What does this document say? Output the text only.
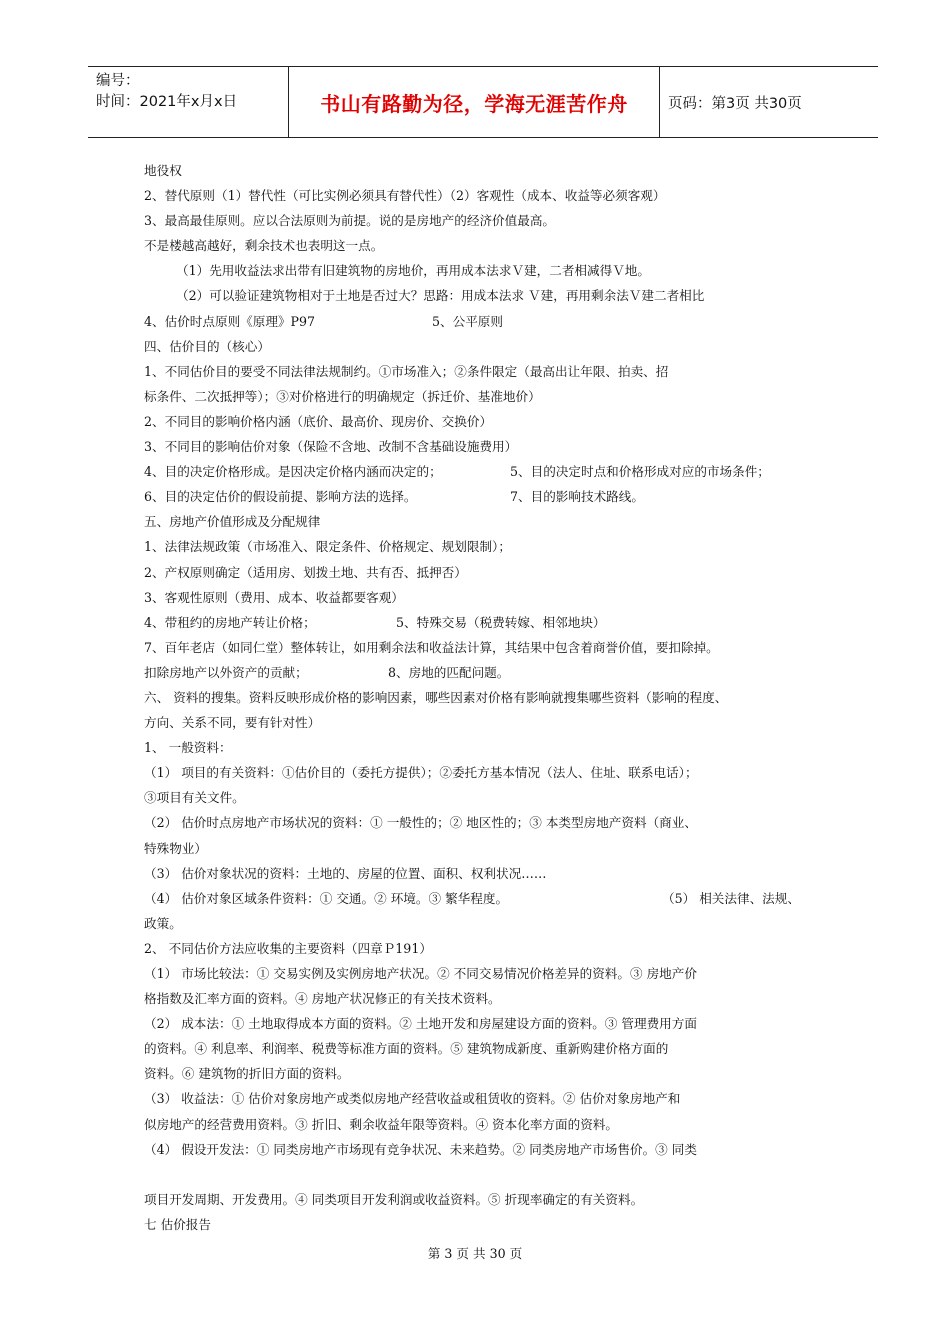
编号：
时间：2021年x月x日	书山有路勤为径，学海无涯苦作舟	页码：第3页 共30页
地役权
2、替代原则（1）替代性（可比实例必须具有替代性）（2）客观性（成本、收益等必须客观）
3、最高最佳原则。应以合法原则为前提。说的是房地产的经济价值最高。
不是楼越高越好，剩余技术也表明这一点。
（1）先用收益法求出带有旧建筑物的房地价，再用成本法求Ｖ建，二者相减得Ｖ地。
（2）可以验证建筑物相对于土地是否过大？思路：用成本法求 Ｖ建，再用剩余法Ｖ建二者相比
4、估价时点原则《原理》P97	5、公平原则
四、估价目的（核心）
1、不同估价目的要受不同法律法规制约。①市场准入；②条件限定（最高出让年限、拍卖、招
标条件、二次抵押等）；③对价格进行的明确规定（拆迁价、基准地价）
2、不同目的影响价格内涵（底价、最高价、现房价、交换价）
3、不同目的影响估价对象（保险不含地、改制不含基础设施费用）
4、目的决定价格形成。是因决定价格内涵而决定的；	5、目的决定时点和价格形成对应的市场条件；
6、目的决定估价的假设前提、影响方法的选择。	7、目的影响技术路线。
五、房地产价值形成及分配规律
1、法律法规政策（市场准入、限定条件、价格规定、规划限制）；
2、产权原则确定（适用房、划拨土地、共有否、抵押否）
3、客观性原则（费用、成本、收益都要客观）
4、带租约的房地产转让价格；	5、特殊交易（税费转嫁、相邻地块）
7、百年老店（如同仁堂）整体转让，如用剩余法和收益法计算，其结果中包含着商誉价值，要扣除掉。
扣除房地产以外资产的贡献；	8、房地的匹配问题。
六、 资料的搜集。资料反映形成价格的影响因素，哪些因素对价格有影响就搜集哪些资料（影响的程度、
方向、关系不同，要有针对性）
1、 一般资料：
（1） 项目的有关资料：①估价目的（委托方提供）；②委托方基本情况（法人、住址、联系电话）；
③项目有关文件。
（2） 估价时点房地产市场状况的资料：① 一般性的；② 地区性的；③ 本类型房地产资料（商业、
特殊物业）
（3） 估价对象状况的资料：土地的、房屋的位置、面积、权利状况……
（4） 估价对象区域条件资料：① 交通。② 环境。③ 繁华程度。	（5） 相关法律、法规、
政策。
2、 不同估价方法应收集的主要资料（四章Ｐ191）
（1） 市场比较法：① 交易实例及实例房地产状况。② 不同交易情况价格差异的资料。③ 房地产价
格指数及汇率方面的资料。④ 房地产状况修正的有关技术资料。
（2） 成本法：① 土地取得成本方面的资料。② 土地开发和房屋建设方面的资料。③ 管理费用方面
的资料。④ 利息率、利润率、税费等标准方面的资料。⑤ 建筑物成新度、重新购建价格方面的
资料。⑥ 建筑物的折旧方面的资料。
（3） 收益法：① 估价对象房地产或类似房地产经营收益或租赁收的资料。② 估价对象房地产和
似房地产的经营费用资料。③ 折旧、剩余收益年限等资料。④ 资本化率方面的资料。
（4） 假设开发法：① 同类房地产市场现有竞争状况、未来趋势。② 同类房地产市场售价。③ 同类
项目开发周期、开发费用。④ 同类项目开发利润或收益资料。⑤ 折现率确定的有关资料。
七 估价报告
第 3 页 共 30 页
